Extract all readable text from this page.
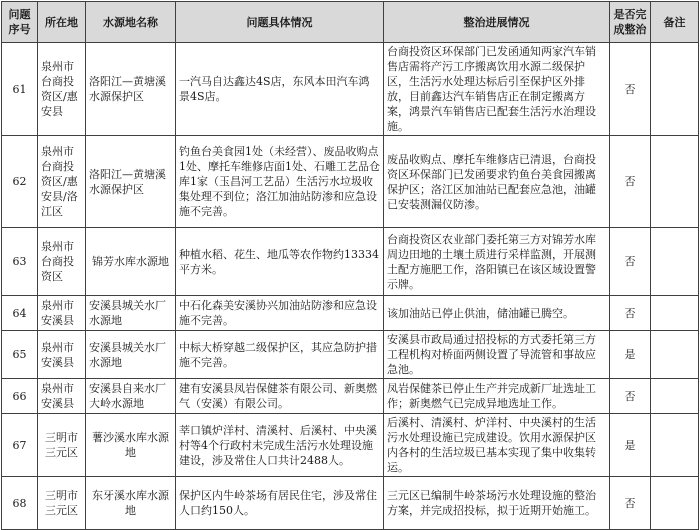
问题序号	所在地	水源地名称	问题具体情况	整治进展情况	是否完成整治	备注
61	泉州市台商投资区/惠安县	洛阳江—黄塘溪水源保护区	一汽马自达鑫达4S店，东风本田汽车鸿景4S店。	台商投资区环保部门已发函通知两家汽车销售店需将产污工序搬离饮用水源二级保护区，生活污水处理达标后引至保护区外排放，目前鑫达汽车销售店正在制定搬离方案，鸿景汽车销售店已配套生活污水治理设施。	否	
62	泉州市台商投资区/惠安县/洛江区	洛阳江—黄塘溪水源保护区	钓鱼台美食园1处（未经营）、废品收购点1处、摩托车维修店面1处、石雕工艺品仓库1家（玉昌河工艺品）生活污水垃圾收集处理不到位；洛江加油站防渗和应急设施不完善。	废品收购点、摩托车维修店已清退，台商投资区环保部门已发函要求钓鱼台美食园搬离保护区；洛江区加油站已配套应急池，油罐已安装测漏仪防渗。	否	
63	泉州市台商投资区	锦芳水库水源地	种植水稻、花生、地瓜等农作物约13334平方米。	台商投资区农业部门委托第三方对锦芳水库周边田地的土壤土质进行采样监测，开展测土配方施肥工作，洛阳镇已在该区域设置警示牌。	否	
64	泉州市安溪县	安溪县城关水厂水源地	中石化森美安溪协兴加油站防渗和应急设施不完善。	该加油站已停止供油，储油罐已腾空。	否	
65	泉州市安溪县	安溪县城关水厂水源地	中标大桥穿越二级保护区，其应急防护措施不完善。	安溪县市政局通过招投标的方式委托第三方工程机构对桥面两侧设置了导流管和事故应急池。	是	
66	泉州市安溪县	安溪县自来水厂大岭水源地	建有安溪县凤岩保健茶有限公司、新奥燃气（安溪）有限公司。	凤岩保健茶已停止生产并完成新厂址选址工作；新奥燃气已完成异地选址工作。	否	
67	三明市三元区	薯沙溪水库水源地	莘口镇炉洋村、清溪村、后溪村、中央溪村等4个行政村未完成生活污水处理设施建设，涉及常住人口共计2488人。	后溪村、清溪村、炉洋村、中央溪村的生活污水处理设施已完成建设。饮用水源保护区内各村的生活垃圾已基本实现了集中收集转运。	是	
68	三明市三元区	东牙溪水库水源地	保护区内牛岭茶场有居民住宅，涉及常住人口约150人。	三元区已编制牛岭茶场污水处理设施的整治方案，并完成招投标，拟于近期开始施工。	否	
